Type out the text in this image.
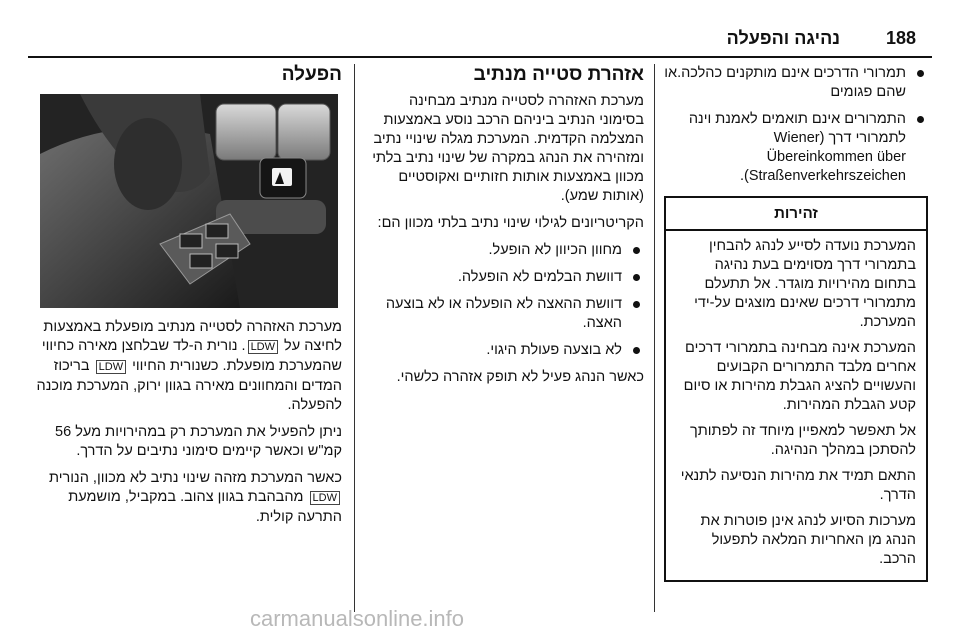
188
נהיגה והפעלה
תמרורי הדרכים אינם מותקנים כהלכה.או שהם פגומים
התמרורים אינם תואמים לאמנת וינה לתמרורי דרך (Wiener Übereinkommen über Straßenverkehrszeichen).
זהירות

המערכת נועדה לסייע לנהג להבחין בתמרורי דרך מסוימים בעת נהיגה בתחום מהירויות מוגדר. אל תתעלם מתמרורי דרכים שאינם מוצגים על-ידי המערכת.

המערכת אינה מבחינה בתמרורי דרכים אחרים מלבד התמרורים הקבועים והעשויים להציג הגבלת מהירות או סיום קטע הגבלת המהירות.

אל תאפשר למאפיין מיוחד זה לפתותך להסתכן במהלך הנהיגה.

התאם תמיד את מהירות הנסיעה לתנאי הדרך.

מערכות הסיוע לנהג אינן פוטרות את הנהג מן האחריות המלאה לתפעול הרכב.

אזהרת סטייה מנתיב

מערכת האזהרה לסטייה מנתיב מבחינה בסימוני הנתיב ביניהם הרכב נוסע באמצעות המצלמה הקדמית. המערכת מגלה שינויי נתיב ומזהירה את הנהג במקרה של שינוי נתיב בלתי מכוון באמצעות אותות חזותיים ואקוסטיים (אותות שמע).

הקריטריונים לגילוי שינוי נתיב בלתי מכוון הם:

מחוון הכיוון לא הופעל.
דוושת הבלמים לא הופעלה.
דוושת ההאצה לא הופעלה או לא בוצעה האצה.
לא בוצעה פעולת היגוי.

כאשר הנהג פעיל לא תופק אזהרה כלשהי.

הפעלה

מערכת האזהרה לסטייה מנתיב מופעלת באמצעות לחיצה על LDW. נורית ה-לד שבלחצן מאירה כחיווי שהמערכת מופעלת. כשנורית החיווי LDW בריכוז המדים והמחוונים מאירה בגוון ירוק, המערכת מוכנה להפעלה.

ניתן להפעיל את המערכת רק במהירויות מעל 56 קמ"ש וכאשר קיימים סימוני נתיבים על הדרך.

כאשר המערכת מזהה שינוי נתיב לא מכוון, הנורית LDW מהבהבת בגוון צהוב. במקביל, מושמעת התרעה קולית.

carmanualsonline.info
